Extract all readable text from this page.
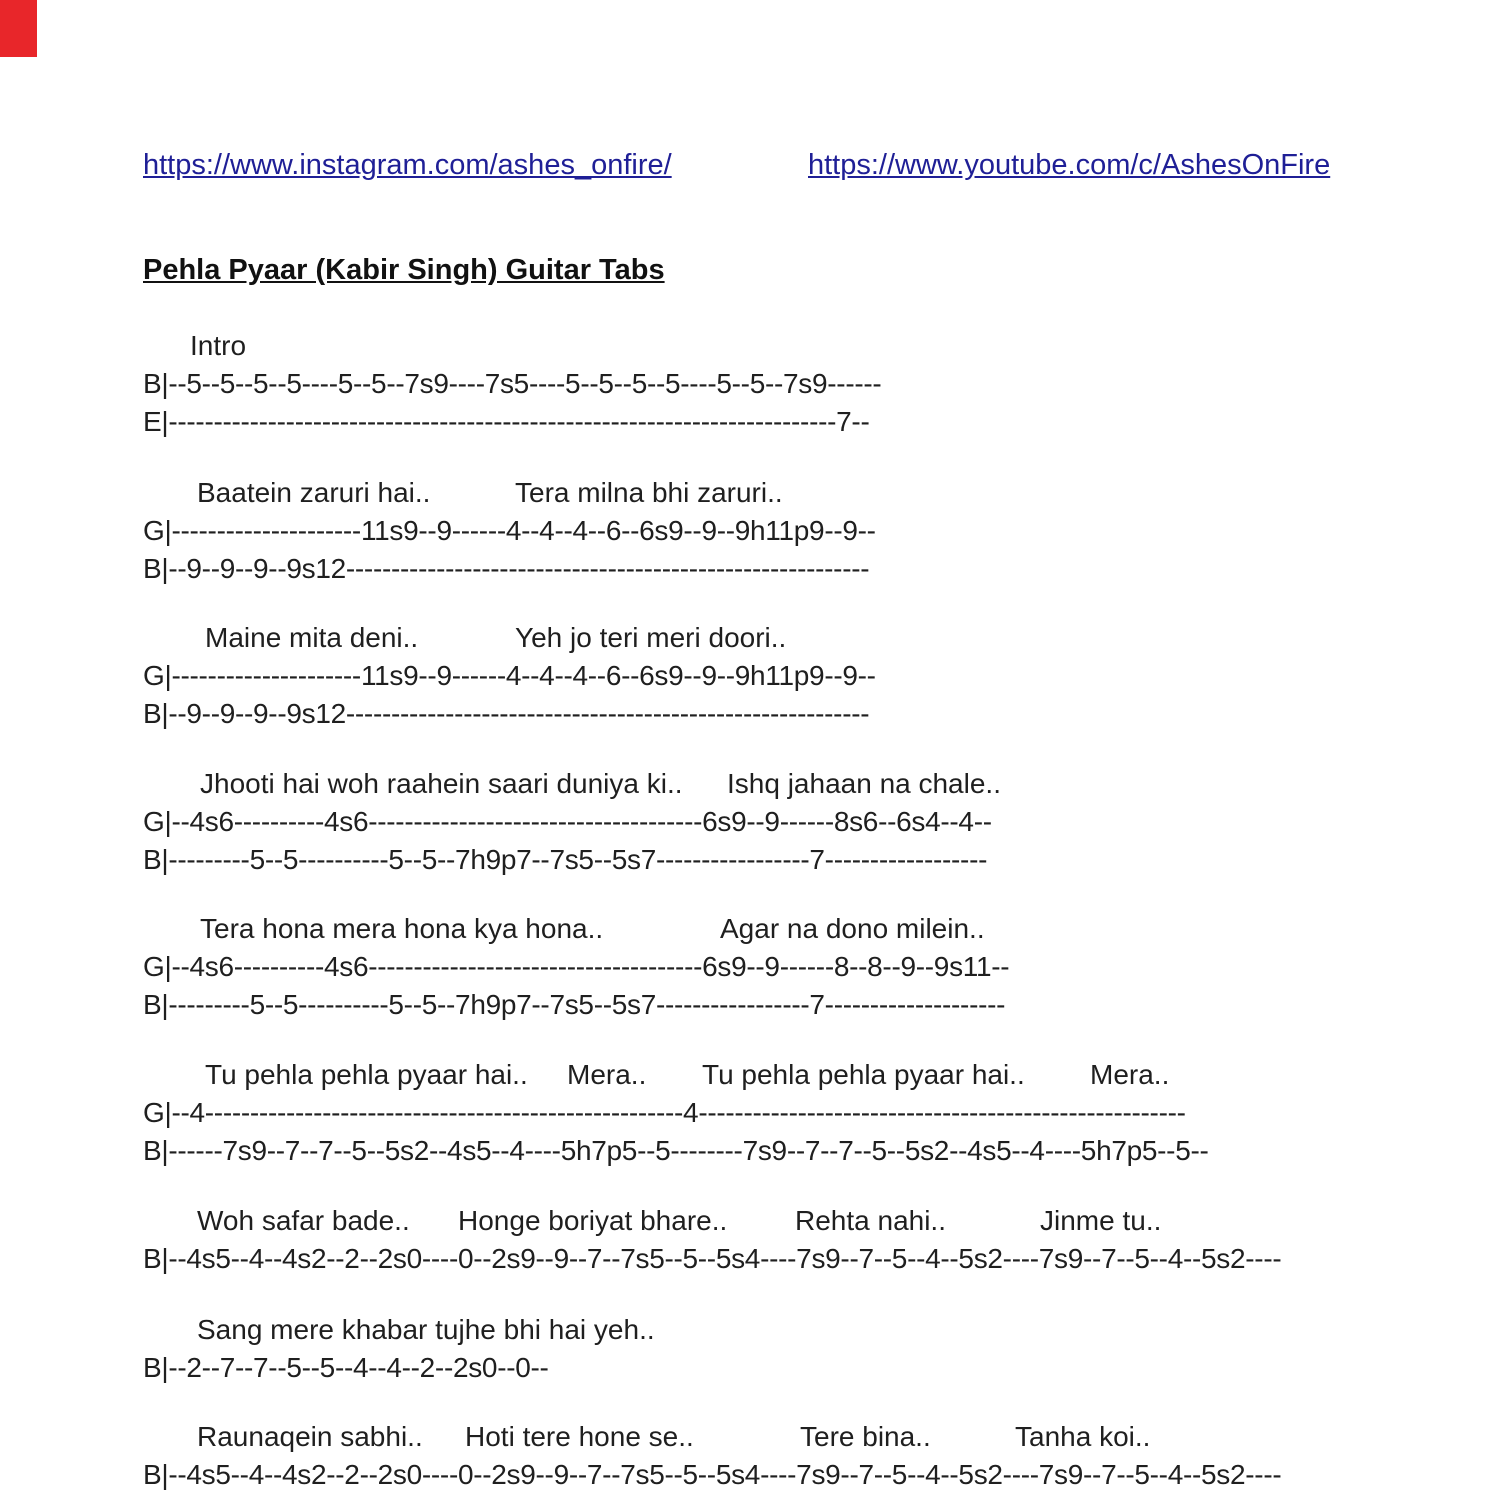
https://www.instagram.com/ashes_onfire/	https://www.youtube.com/c/AshesOnFire
Pehla Pyaar (Kabir Singh) Guitar Tabs
Intro
B|--5--5--5--5----5--5--7s9----7s5----5--5--5--5----5--5--7s9------
E|--------------------------------------------------------------------------7--
Baatein zaruri hai..	Tera milna bhi zaruri..
G|---------------------11s9--9------4--4--4--6--6s9--9--9h11p9--9--
B|--9--9--9--9s12----------------------------------------------------------
Maine mita deni..	Yeh jo teri meri doori..
G|---------------------11s9--9------4--4--4--6--6s9--9--9h11p9--9--
B|--9--9--9--9s12----------------------------------------------------------
Jhooti hai woh raahein saari duniya ki.. Ishq jahaan na chale..
G|--4s6----------4s6-------------------------------------6s9--9------8s6--6s4--4--
B|---------5--5----------5--5--7h9p7--7s5--5s7-----------------7------------------
Tera hona mera hona kya hona..	Agar na dono milein..
G|--4s6----------4s6-------------------------------------6s9--9------8--8--9--9s11--
B|---------5--5----------5--5--7h9p7--7s5--5s7-----------------7--------------------
Tu pehla pehla pyaar hai.. Mera.. Tu pehla pehla pyaar hai.. Mera..
G|--4-----------------------------------------------------4------------------------------------------------------
B|------7s9--7--7--5--5s2--4s5--4----5h7p5--5--------7s9--7--7--5--5s2--4s5--4----5h7p5--5--
Woh safar bade.. Honge boriyat bhare.. Rehta nahi..	Jinme tu..
B|--4s5--4--4s2--2--2s0----0--2s9--9--7--7s5--5--5s4----7s9--7--5--4--5s2----7s9--7--5--4--5s2----
Sang mere khabar tujhe bhi hai yeh..
B|--2--7--7--5--5--4--4--2--2s0--0--
Raunaqein sabhi.. Hoti tere hone se..	Tere bina..	Tanha koi..
B|--4s5--4--4s2--2--2s0----0--2s9--9--7--7s5--5--5s4----7s9--7--5--4--5s2----7s9--7--5--4--5s2----
